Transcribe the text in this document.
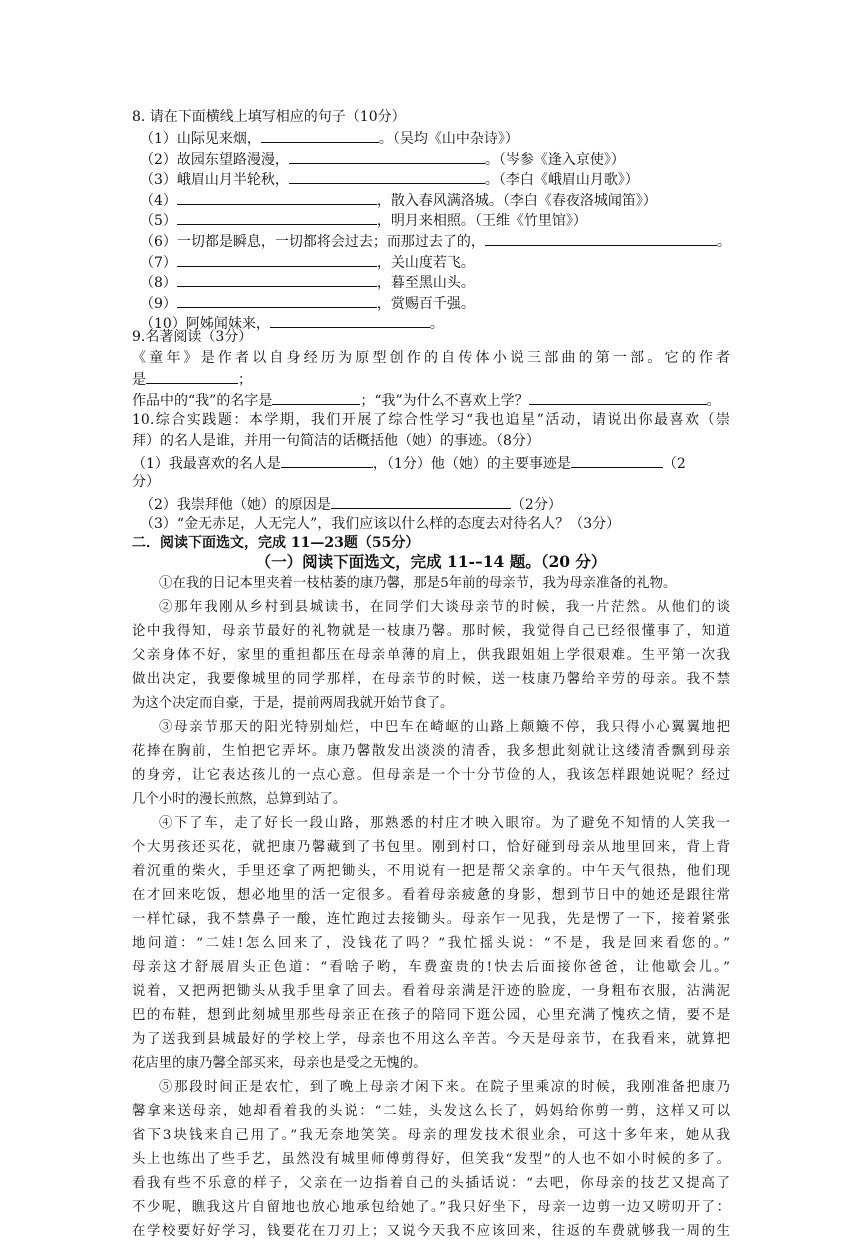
8. 请在下面横线上填写相应的句子（10分）
（1）山际见来烟，	。（吴均《山中杂诗》）
（2）故园东望路漫漫，	。（岑参《逢入京使》）
（3）峨眉山月半轮秋，	。（李白《峨眉山月歌》）
（4）	，散入春风满洛城。（李白《春夜洛城闻笛》）
（5）	，明月来相照。（王维《竹里馆》）
（6）一切都是瞬息，一切都将会过去；而那过去了的，	。
（7）	，关山度若飞。
（8）	，暮至黑山头。
（9）	，赏赐百千强。
（10）阿姊闻妹来，	。
9.名著阅读（3分）
《童年》是作者以自身经历为原型创作的自传体小说三部曲的第一部。它的作者
是	；
作品中的“我”的名字是	；“我”为什么不喜欢上学？	。
10.综合实践题：本学期，我们开展了综合性学习“我也追星”活动，请说出你最喜欢（崇
拜）的名人是谁，并用一句简洁的话概括他（她）的事迹。（8分）
（1）我最喜欢的名人是	，（1分）他（她）的主要事迹是	（2
分）
（2）我崇拜他（她）的原因是	（2分）
（3）“金无赤足，人无完人”，我们应该以什么样的态度去对待名人？（3分）
二．阅读下面选文，完成 11—23题（55分）
（一）阅读下面选文，完成 11-–14 题。（20 分）
①在我的日记本里夹着一枝枯萎的康乃馨，那是5年前的母亲节，我为母亲准备的礼物。
②那年我刚从乡村到县城读书，在同学们大谈母亲节的时候，我一片茫然。从他们的谈
论中我得知，母亲节最好的礼物就是一枝康乃馨。那时候，我觉得自己已经很懂事了，知道
父亲身体不好，家里的重担都压在母亲单薄的肩上，供我跟姐姐上学很艰难。生平第一次我
做出决定，我要像城里的同学那样，在母亲节的时候，送一枝康乃馨给辛劳的母亲。我不禁
为这个决定而自豪，于是，提前两周我就开始节食了。
③母亲节那天的阳光特别灿烂，中巴车在崎岖的山路上颠簸不停，我只得小心翼翼地把
花捧在胸前，生怕把它弄坏。康乃馨散发出淡淡的清香，我多想此刻就让这缕清香飘到母亲
的身旁，让它表达孩儿的一点心意。但母亲是一个十分节俭的人，我该怎样跟她说呢？经过
几个小时的漫长煎熬，总算到站了。
④下了车，走了好长一段山路，那熟悉的村庄才映入眼帘。为了避免不知情的人笑我一
个大男孩还买花，就把康乃馨藏到了书包里。刚到村口，恰好碰到母亲从地里回来，背上背
着沉重的柴火，手里还拿了两把锄头，不用说有一把是帮父亲拿的。中午天气很热，他们现
在才回来吃饭，想必地里的活一定很多。看着母亲疲惫的身影，想到节日中的她还是跟往常
一样忙碌，我不禁鼻子一酸，连忙跑过去接锄头。母亲乍一见我，先是愣了一下，接着紧张
地问道：“二娃!怎么回来了，没钱花了吗？”我忙摇头说：“不是，我是回来看您的。”
母亲这才舒展眉头正色道：“看啥子哟，车费蛮贵的!快去后面接你爸爸，让他歇会儿。”
说着，又把两把锄头从我手里拿了回去。看着母亲满是汗迹的脸庞，一身粗布衣服，沾满泥
巴的布鞋，想到此刻城里那些母亲正在孩子的陪同下逛公园，心里充满了愧疚之情，要不是
为了送我到县城最好的学校上学，母亲也不用这么辛苦。今天是母亲节，在我看来，就算把
花店里的康乃馨全部买来，母亲也是受之无愧的。
⑤那段时间正是农忙，到了晚上母亲才闲下来。在院子里乘凉的时候，我刚准备把康乃
馨拿来送母亲，她却看着我的头说：“二娃，头发这么长了，妈妈给你剪一剪，这样又可以
省下3块钱来自己用了。”我无奈地笑笑。母亲的理发技术很业余，可这十多年来，她从我
头上也练出了些手艺，虽然没有城里师傅剪得好，但笑我“发型”的人也不如小时候的多了。
看我有些不乐意的样子，父亲在一边指着自己的头插话说：“去吧，你母亲的技艺又提高了
不少呢，瞧我这片自留地也放心地承包给她了。”我只好坐下，母亲一边剪一边又唠叨开了：
在学校要好好学习，钱要花在刀刃上；又说今天我不应该回来，往返的车费就够我一周的生
